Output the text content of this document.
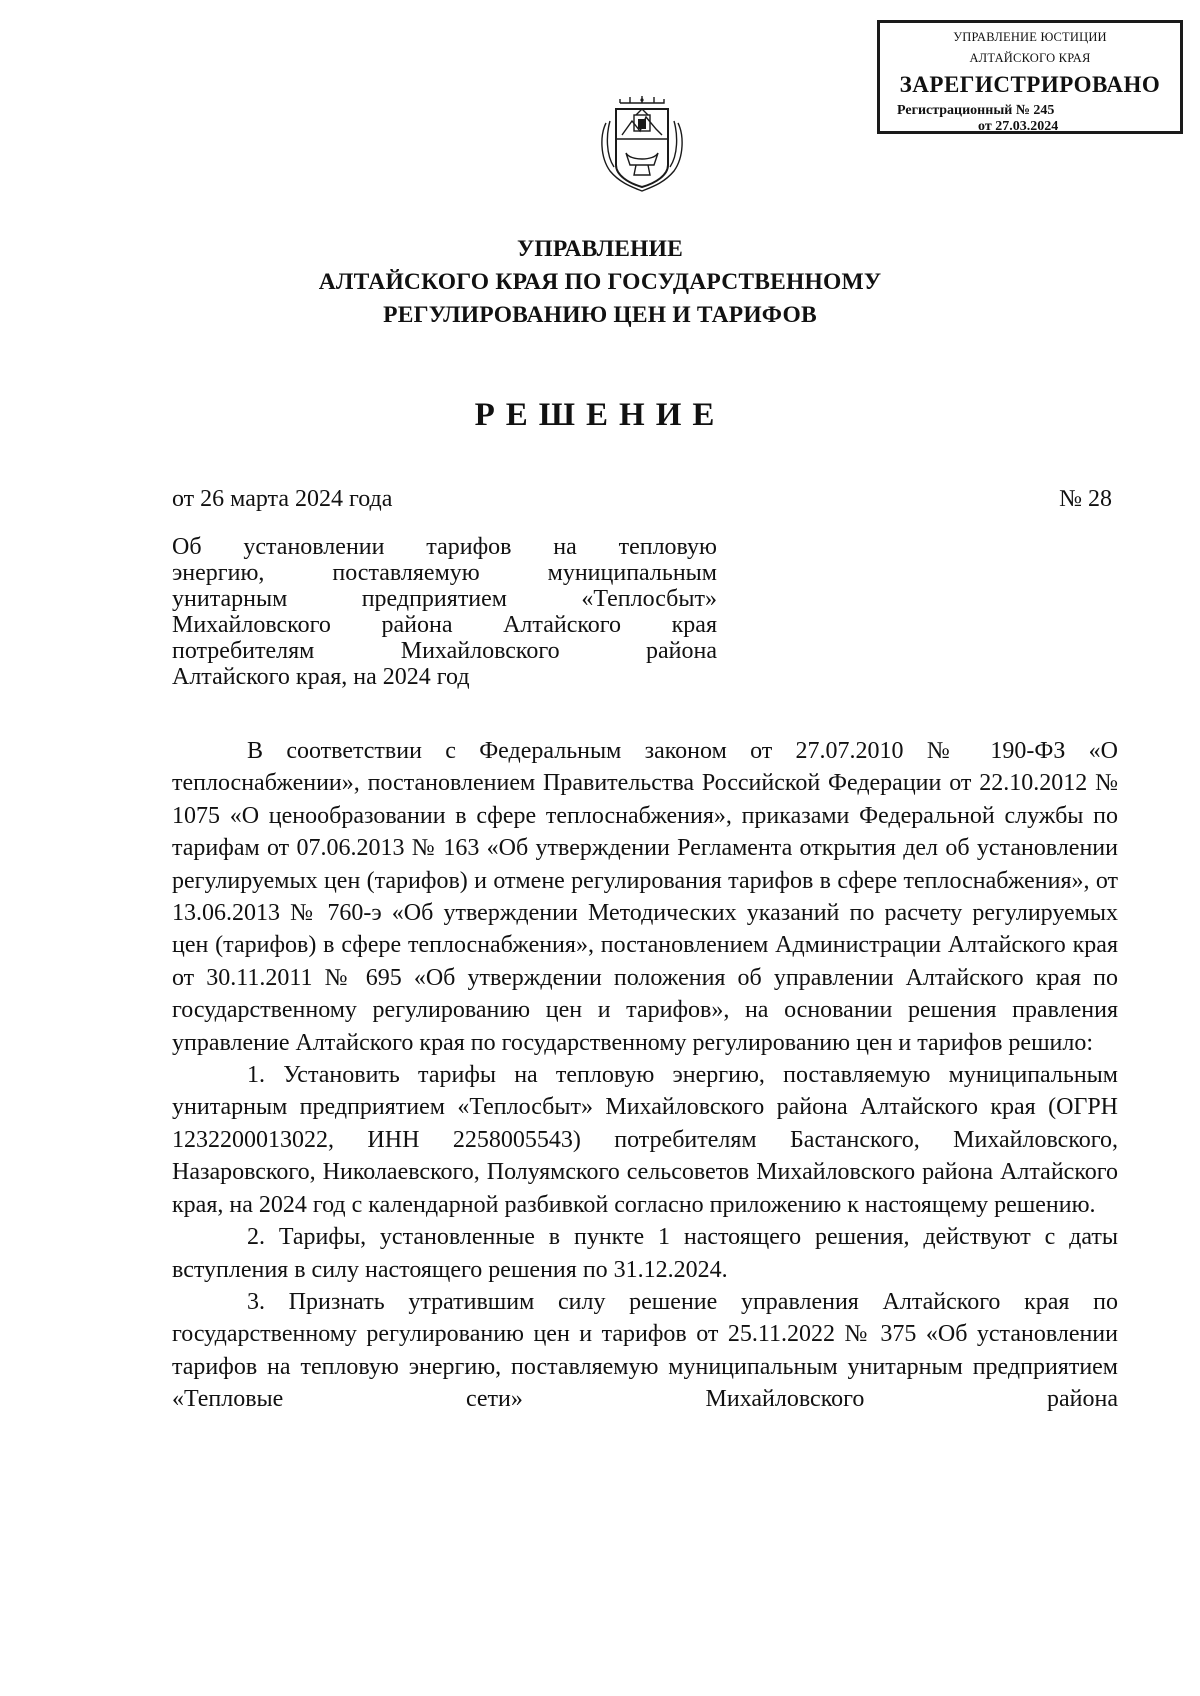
УПРАВЛЕНИЕ ЮСТИЦИИ
АЛТАЙСКОГО КРАЯ
ЗАРЕГИСТРИРОВАНО
Регистрационный № 245
от 27.03.2024
УПРАВЛЕНИЕ
АЛТАЙСКОГО КРАЯ ПО ГОСУДАРСТВЕННОМУ
РЕГУЛИРОВАНИЮ ЦЕН И ТАРИФОВ
РЕШЕНИЕ
от 26 марта 2024 года	№ 28
Об установлении тарифов на тепловую
энергию, поставляемую муниципальным
унитарным предприятием «Теплосбыт»
Михайловского района Алтайского края
потребителям Михайловского района
Алтайского края, на 2024 год

В соответствии с Федеральным законом от 27.07.2010 № 190-ФЗ «О теплоснабжении», постановлением Правительства Российской Федерации от 22.10.2012 № 1075 «О ценообразовании в сфере теплоснабжения», приказами Федеральной службы по тарифам от 07.06.2013 № 163 «Об утверждении Регламента открытия дел об установлении регулируемых цен (тарифов) и отмене регулирования тарифов в сфере теплоснабжения», от 13.06.2013 № 760-э «Об утверждении Методических указаний по расчету регулируемых цен (тарифов) в сфере теплоснабжения», постановлением Администрации Алтайского края от 30.11.2011 № 695 «Об утверждении положения об управлении Алтайского края по государственному регулированию цен и тарифов», на основании решения правления управление Алтайского края по государственному регулированию цен и тарифов решило:

1. Установить тарифы на тепловую энергию, поставляемую муниципальным унитарным предприятием «Теплосбыт» Михайловского района Алтайского края (ОГРН 1232200013022, ИНН 2258005543) потребителям Бастанского, Михайловского, Назаровского, Николаевского, Полуямского сельсоветов Михайловского района Алтайского края, на 2024 год с календарной разбивкой согласно приложению к настоящему решению.

2. Тарифы, установленные в пункте 1 настоящего решения, действуют с даты вступления в силу настоящего решения по 31.12.2024.

3. Признать утратившим силу решение управления Алтайского края по государственному регулированию цен и тарифов от 25.11.2022 № 375 «Об установлении тарифов на тепловую энергию, поставляемую муниципальным унитарным предприятием «Тепловые сети» Михайловского района
